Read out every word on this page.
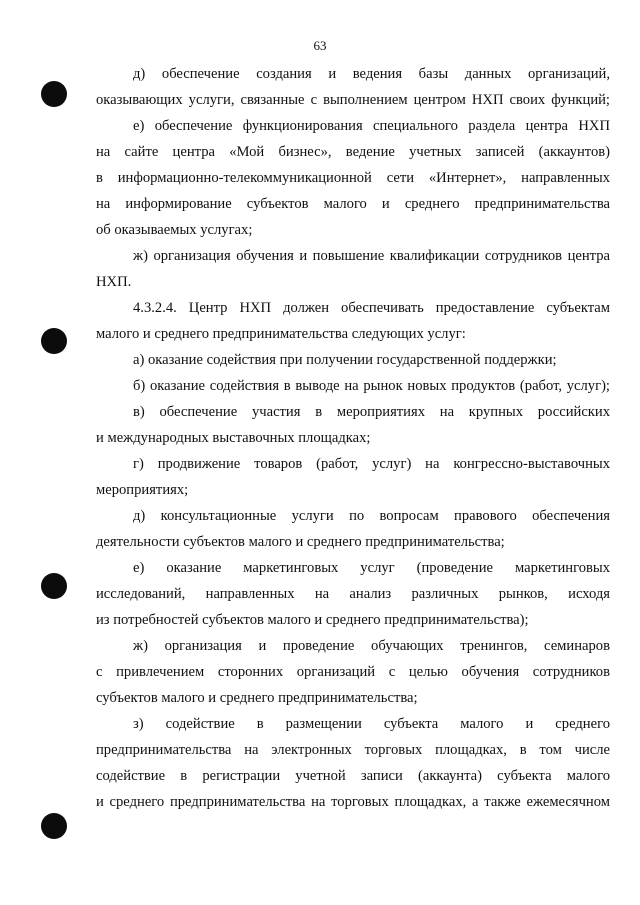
63
д) обеспечение создания и ведения базы данных организаций,
оказывающих услуги, связанные с выполнением центром НХП своих функций;
е) обеспечение функционирования специального раздела центра НХП
на сайте центра «Мой бизнес», ведение учетных записей (аккаунтов)
в информационно-телекоммуникационной сети «Интернет», направленных
на информирование субъектов малого и среднего предпринимательства
об оказываемых услугах;
ж) организация обучения и повышение квалификации сотрудников центра
НХП.
4.3.2.4. Центр НХП должен обеспечивать предоставление субъектам
малого и среднего предпринимательства следующих услуг:
а) оказание содействия при получении государственной поддержки;
б) оказание содействия в выводе на рынок новых продуктов (работ, услуг);
в) обеспечение участия в мероприятиях на крупных российских
и международных выставочных площадках;
г) продвижение товаров (работ, услуг) на конгрессно-выставочных
мероприятиях;
д) консультационные услуги по вопросам правового обеспечения
деятельности субъектов малого и среднего предпринимательства;
е) оказание маркетинговых услуг (проведение маркетинговых
исследований, направленных на анализ различных рынков, исходя
из потребностей субъектов малого и среднего предпринимательства);
ж) организация и проведение обучающих тренингов, семинаров
с привлечением сторонних организаций с целью обучения сотрудников
субъектов малого и среднего предпринимательства;
з) содействие в размещении субъекта малого и среднего
предпринимательства на электронных торговых площадках, в том числе
содействие в регистрации учетной записи (аккаунта) субъекта малого
и среднего предпринимательства на торговых площадках, а также ежемесячном
